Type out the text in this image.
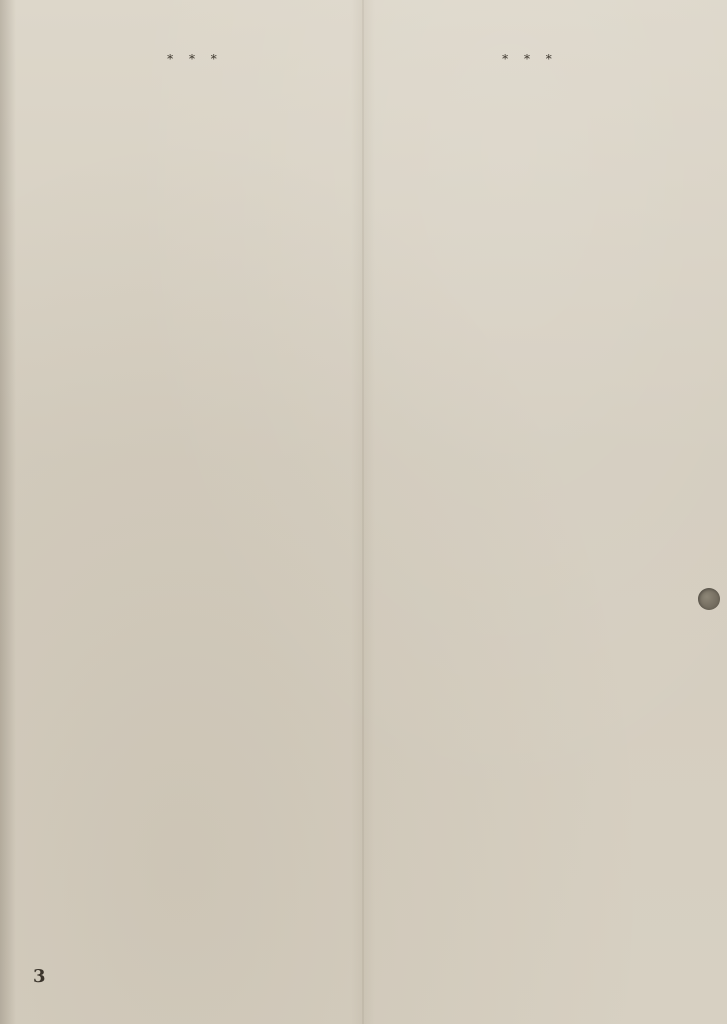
* * *

* * *

3
